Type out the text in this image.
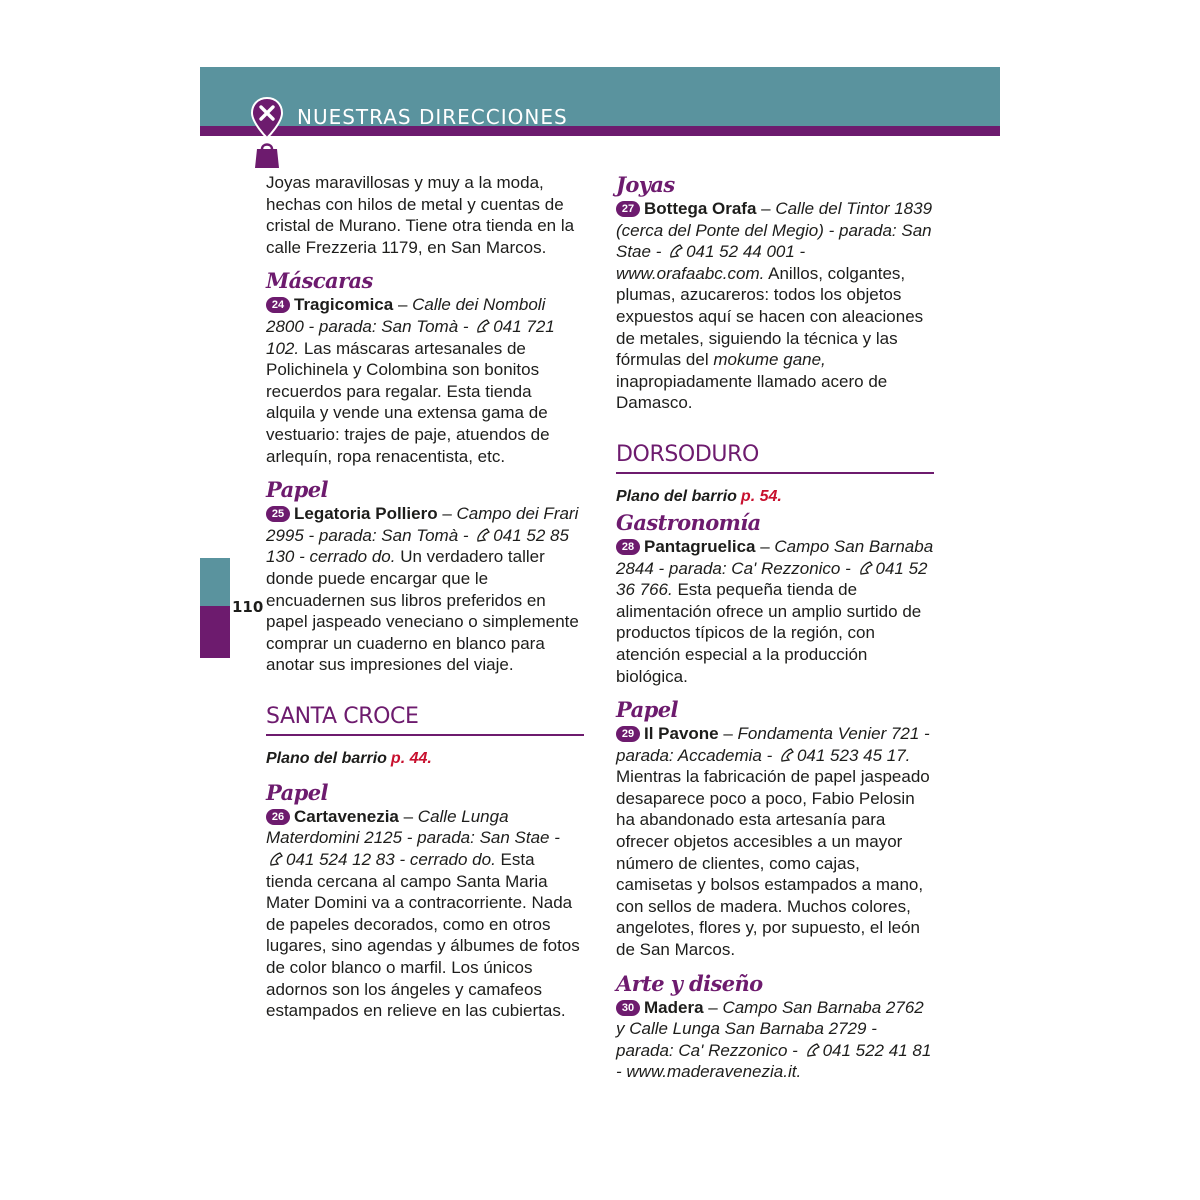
NUESTRAS DIRECCIONES
110

Joyas maravillosas y muy a la moda, hechas con hilos de metal y cuentas de cristal de Murano. Tiene otra tienda en la calle Frezzeria 1179, en San Marcos.

Máscaras

24 Tragicomica – Calle dei Nomboli 2800 - parada: San Tomà - 041 721 102. Las máscaras artesanales de Polichinela y Colombina son bonitos recuerdos para regalar. Esta tienda alquila y vende una extensa gama de vestuario: trajes de paje, atuendos de arlequín, ropa renacentista, etc.

Papel

25 Legatoria Polliero – Campo dei Frari 2995 - parada: San Tomà - 041 52 85 130 - cerrado do. Un verdadero taller donde puede encargar que le encuadernen sus libros preferidos en papel jaspeado veneciano o simplemente comprar un cuaderno en blanco para anotar sus impresiones del viaje.

SANTA CROCE

Plano del barrio p. 44.

Papel

26 Cartavenezia – Calle Lunga Materdomini 2125 - parada: San Stae - 041 524 12 83 - cerrado do. Esta tienda cercana al campo Santa Maria Mater Domini va a contracorriente. Nada de papeles decorados, como en otros lugares, sino agendas y álbumes de fotos de color blanco o marfil. Los únicos adornos son los ángeles y camafeos estampados en relieve en las cubiertas.

Joyas

27 Bottega Orafa – Calle del Tintor 1839 (cerca del Ponte del Megio) - parada: San Stae - 041 52 44 001 - www.orafaabc.com. Anillos, colgantes, plumas, azucareros: todos los objetos expuestos aquí se hacen con aleaciones de metales, siguiendo la técnica y las fórmulas del mokume gane, inapropiadamente llamado acero de Damasco.

DORSODURO

Plano del barrio p. 54.

Gastronomía

28 Pantagruelica – Campo San Barnaba 2844 - parada: Ca' Rezzonico - 041 52 36 766. Esta pequeña tienda de alimentación ofrece un amplio surtido de productos típicos de la región, con atención especial a la producción biológica.

Papel

29 Il Pavone – Fondamenta Venier 721 - parada: Accademia - 041 523 45 17. Mientras la fabricación de papel jaspeado desaparece poco a poco, Fabio Pelosin ha abandonado esta artesanía para ofrecer objetos accesibles a un mayor número de clientes, como cajas, camisetas y bolsos estampados a mano, con sellos de madera. Muchos colores, angelotes, flores y, por supuesto, el león de San Marcos.

Arte y diseño

30 Madera – Campo San Barnaba 2762 y Calle Lunga San Barnaba 2729 - parada: Ca' Rezzonico - 041 522 41 81 - www.maderavenezia.it.
